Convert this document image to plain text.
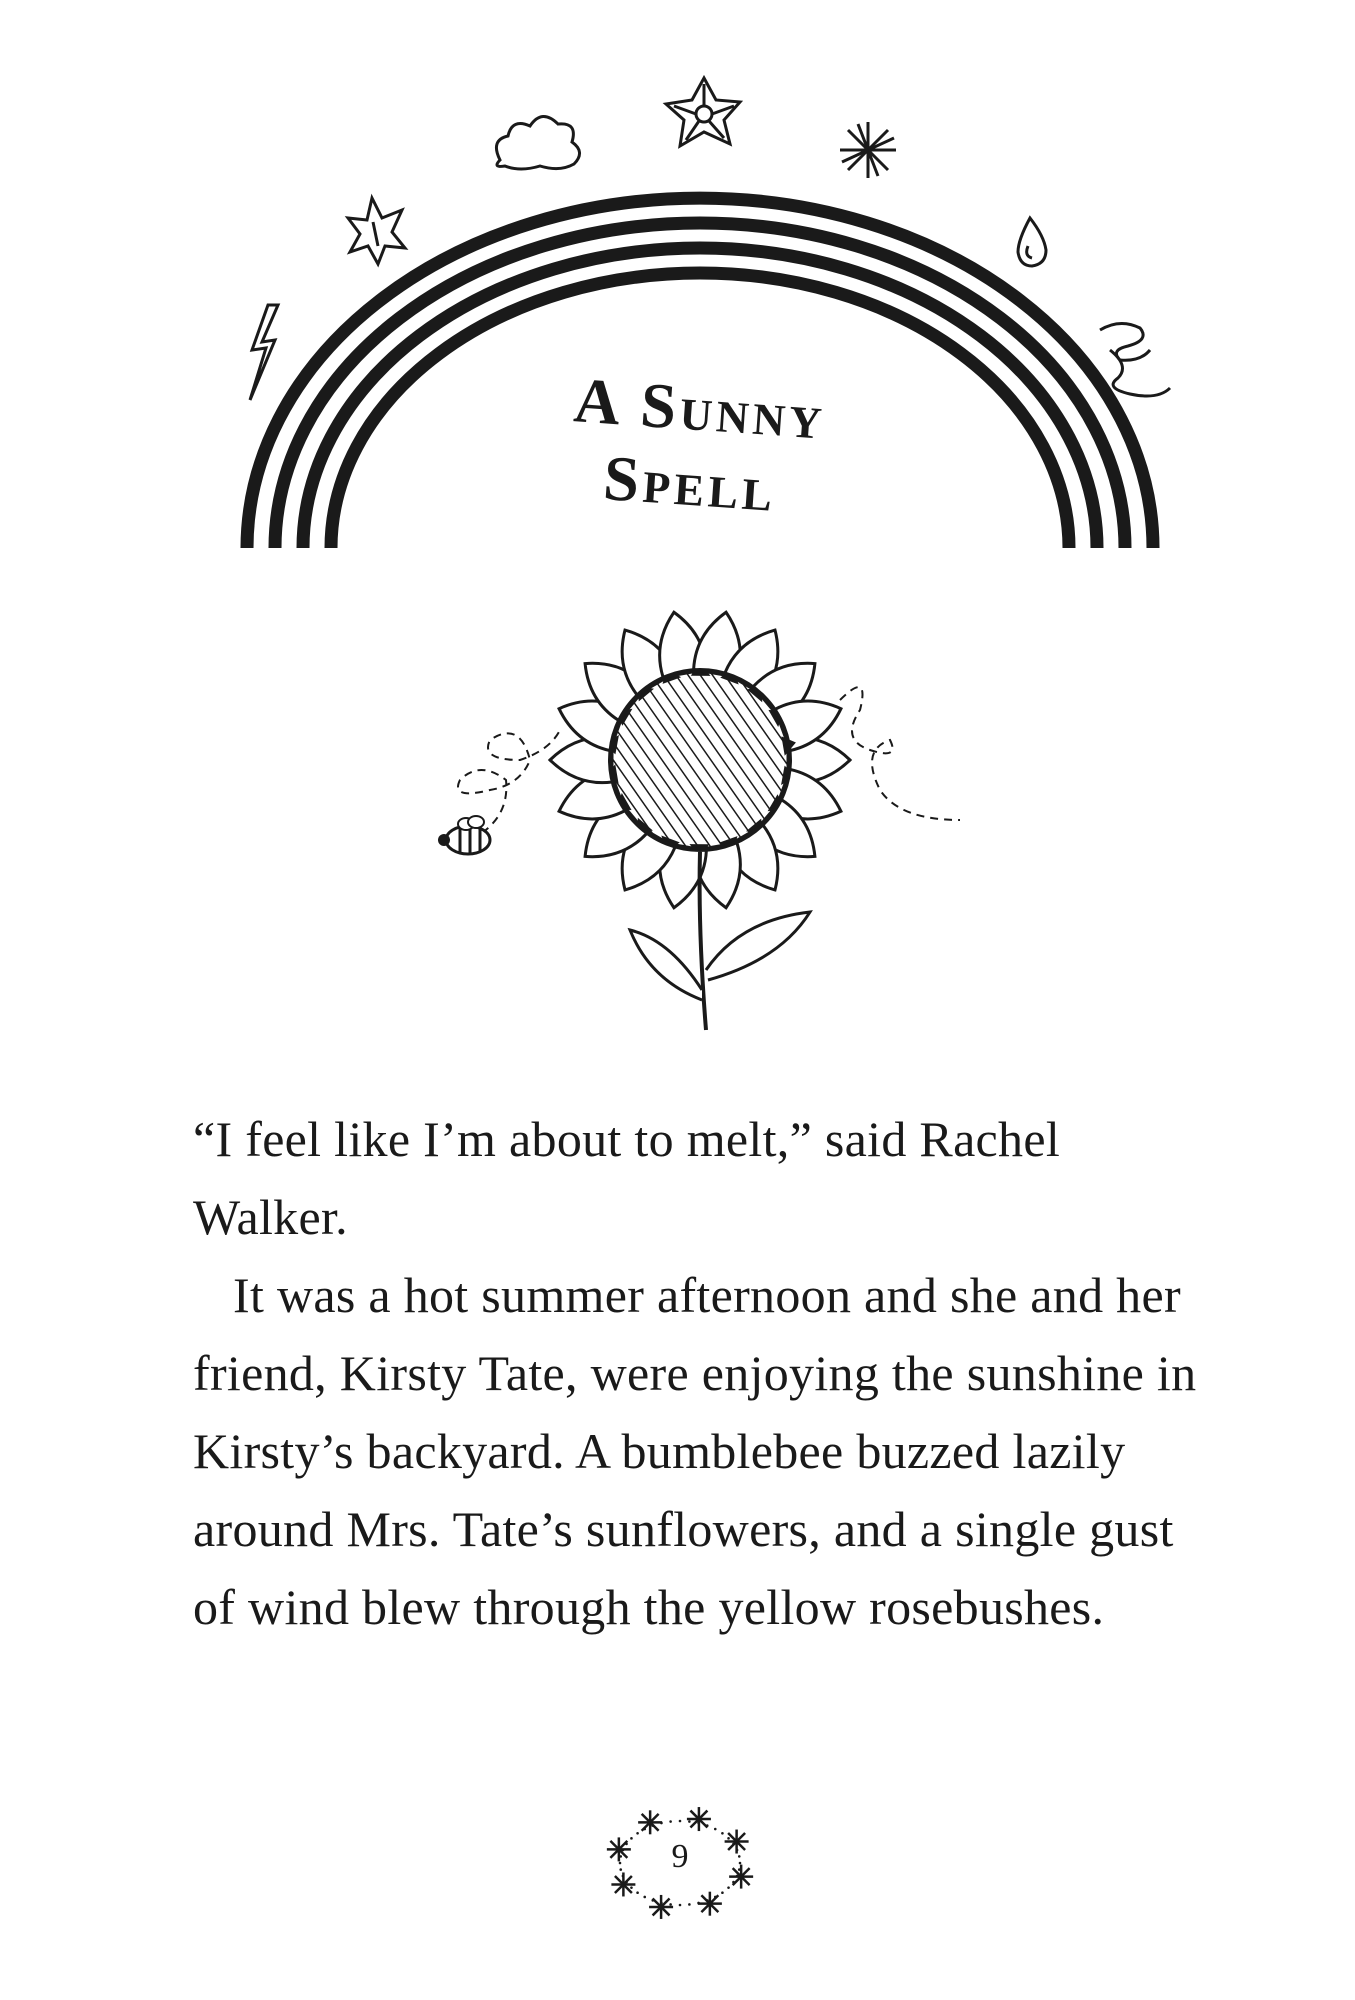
A Sunny
Spell

“I feel like I’m about to melt,” said Rachel Walker.

It was a hot summer afternoon and she and her friend, Kirsty Tate, were enjoying the sunshine in Kirsty’s backyard. A bumblebee buzzed lazily around Mrs. Tate’s sunflowers, and a single gust of wind blew through the yellow rosebushes.

9
